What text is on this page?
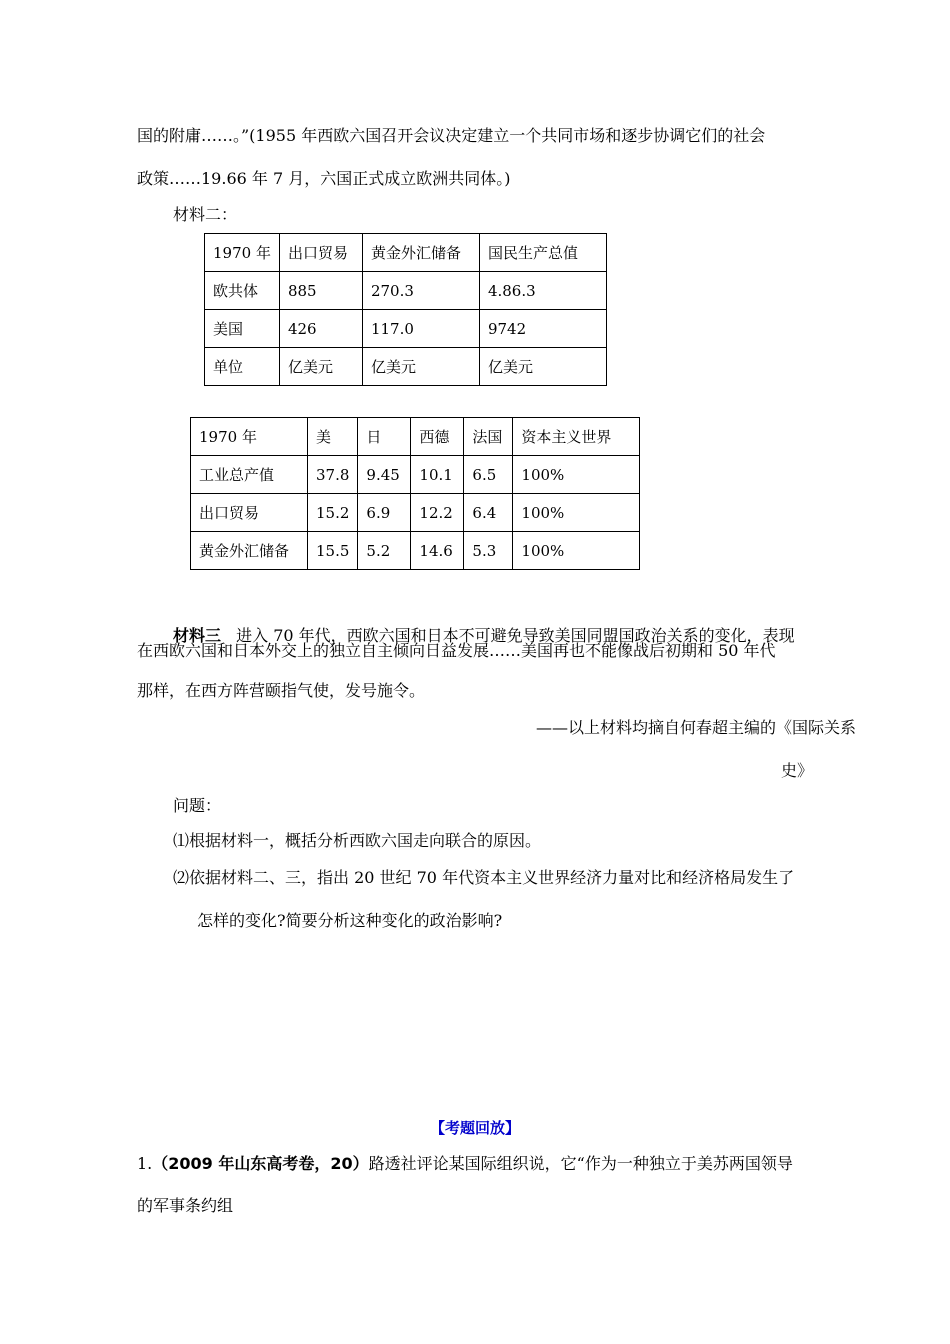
国的附庸……。”(1955 年西欧六国召开会议决定建立一个共同市场和逐步协调它们的社会
政策……19.66 年 7 月，六国正式成立欧洲共同体。)
材料二：
1970 年	出口贸易	黄金外汇储备	国民生产总值
欧共体	885	270.3	4.86.3
美国	426	117.0	9742
单位	亿美元	亿美元	亿美元
1970 年	美	日	西德	法国	资本主义世界
工业总产值	37.8	9.45	10.1	6.5	100%
出口贸易	15.2	6.9	12.2	6.4	100%
黄金外汇储备	15.5	5.2	14.6	5.3	100%
材料三 进入 70 年代，西欧六国和日本不可避免导致美国同盟国政治关系的变化，表现
在西欧六国和日本外交上的独立自主倾向日益发展……美国再也不能像战后初期和 50 年代
那样，在西方阵营颐指气使，发号施令。
——以上材料均摘自何春超主编的《国际关系
史》
问题：
⑴根据材料一，概括分析西欧六国走向联合的原因。
⑵依据材料二、三，指出 20 世纪 70 年代资本主义世界经济力量对比和经济格局发生了
怎样的变化?简要分析这种变化的政治影响?
【考题回放】
1.（2009 年山东高考卷，20）路透社评论某国际组织说，它“作为一种独立于美苏两国领导
的军事条约组
